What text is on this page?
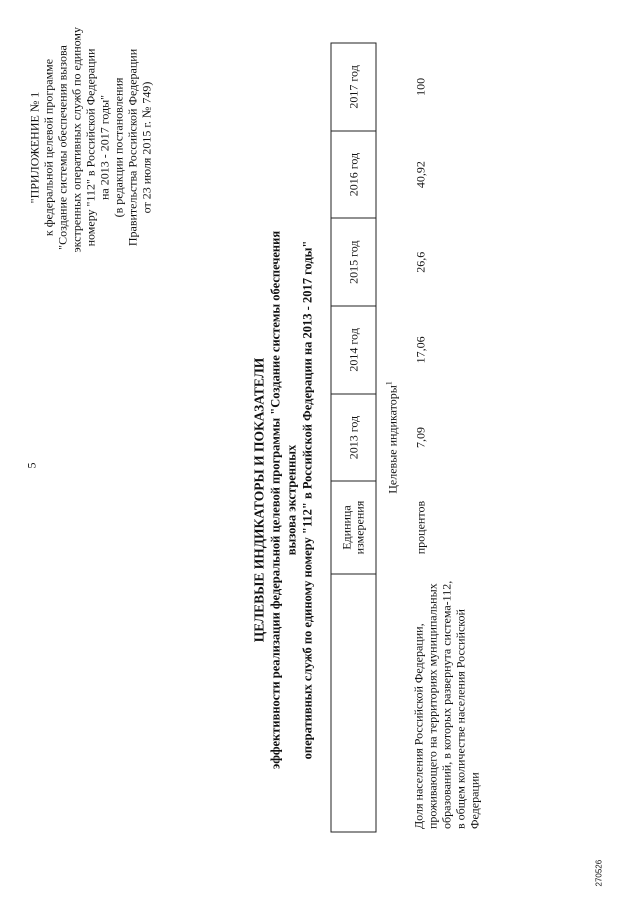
5
"ПРИЛОЖЕНИЕ № 1 к федеральной целевой программе "Создание системы обеспечения вызова экстренных оперативных служб по единому номеру "112" в Российской Федерации на 2013 - 2017 годы" (в редакции постановления Правительства Российской Федерации от 23 июля 2015 г. № 749)
ЦЕЛЕВЫЕ ИНДИКАТОРЫ И ПОКАЗАТЕЛИ эффективности реализации федеральной целевой программы "Создание системы обеспечения вызова экстренных оперативных служб по единому номеру "112" в Российской Федерации на 2013 - 2017 годы"
	Единица измерения	2013 год	2014 год	2015 год	2016 год	2017 год
Целевые индикаторы$^1$
Доля населения Российской Федерации, проживающего на территориях муниципальных образований, в которых развернута система-112, в общем количестве населения Российской Федерации	процентов	7,09	17,06	26,6	40,92	100
270526
